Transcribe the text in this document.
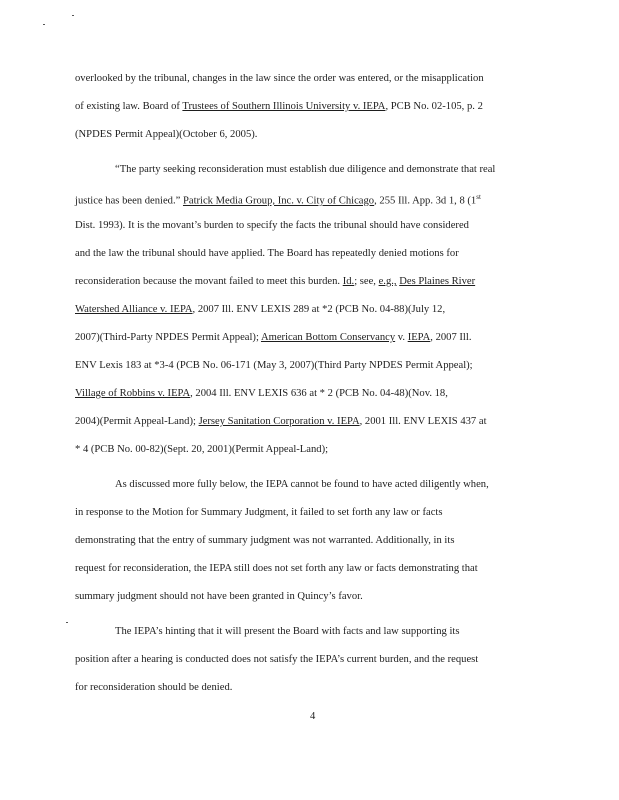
overlooked by the tribunal, changes in the law since the order was entered, or the misapplication
of existing law. Board of Trustees of Southern Illinois University v. IEPA, PCB No. 02-105, p. 2
(NPDES Permit Appeal)(October 6, 2005).
“The party seeking reconsideration must establish due diligence and demonstrate that real
justice has been denied.” Patrick Media Group, Inc. v. City of Chicago, 255 Ill. App. 3d 1, 8 (1st
Dist. 1993). It is the movant’s burden to specify the facts the tribunal should have considered
and the law the tribunal should have applied. The Board has repeatedly denied motions for
reconsideration because the movant failed to meet this burden. Id.; see, e.g., Des Plaines River
Watershed Alliance v. IEPA, 2007 Ill. ENV LEXIS 289 at *2 (PCB No. 04-88)(July 12,
2007)(Third-Party NPDES Permit Appeal); American Bottom Conservancy v. IEPA, 2007 Ill.
ENV Lexis 183 at *3-4 (PCB No. 06-171 (May 3, 2007)(Third Party NPDES Permit Appeal);
Village of Robbins v. IEPA, 2004 Ill. ENV LEXIS 636 at * 2 (PCB No. 04-48)(Nov. 18,
2004)(Permit Appeal-Land); Jersey Sanitation Corporation v. IEPA, 2001 Ill. ENV LEXIS 437 at
* 4 (PCB No. 00-82)(Sept. 20, 2001)(Permit Appeal-Land);
As discussed more fully below, the IEPA cannot be found to have acted diligently when,
in response to the Motion for Summary Judgment, it failed to set forth any law or facts
demonstrating that the entry of summary judgment was not warranted. Additionally, in its
request for reconsideration, the IEPA still does not set forth any law or facts demonstrating that
summary judgment should not have been granted in Quincy’s favor.
The IEPA’s hinting that it will present the Board with facts and law supporting its
position after a hearing is conducted does not satisfy the IEPA’s current burden, and the request
for reconsideration should be denied.
4
